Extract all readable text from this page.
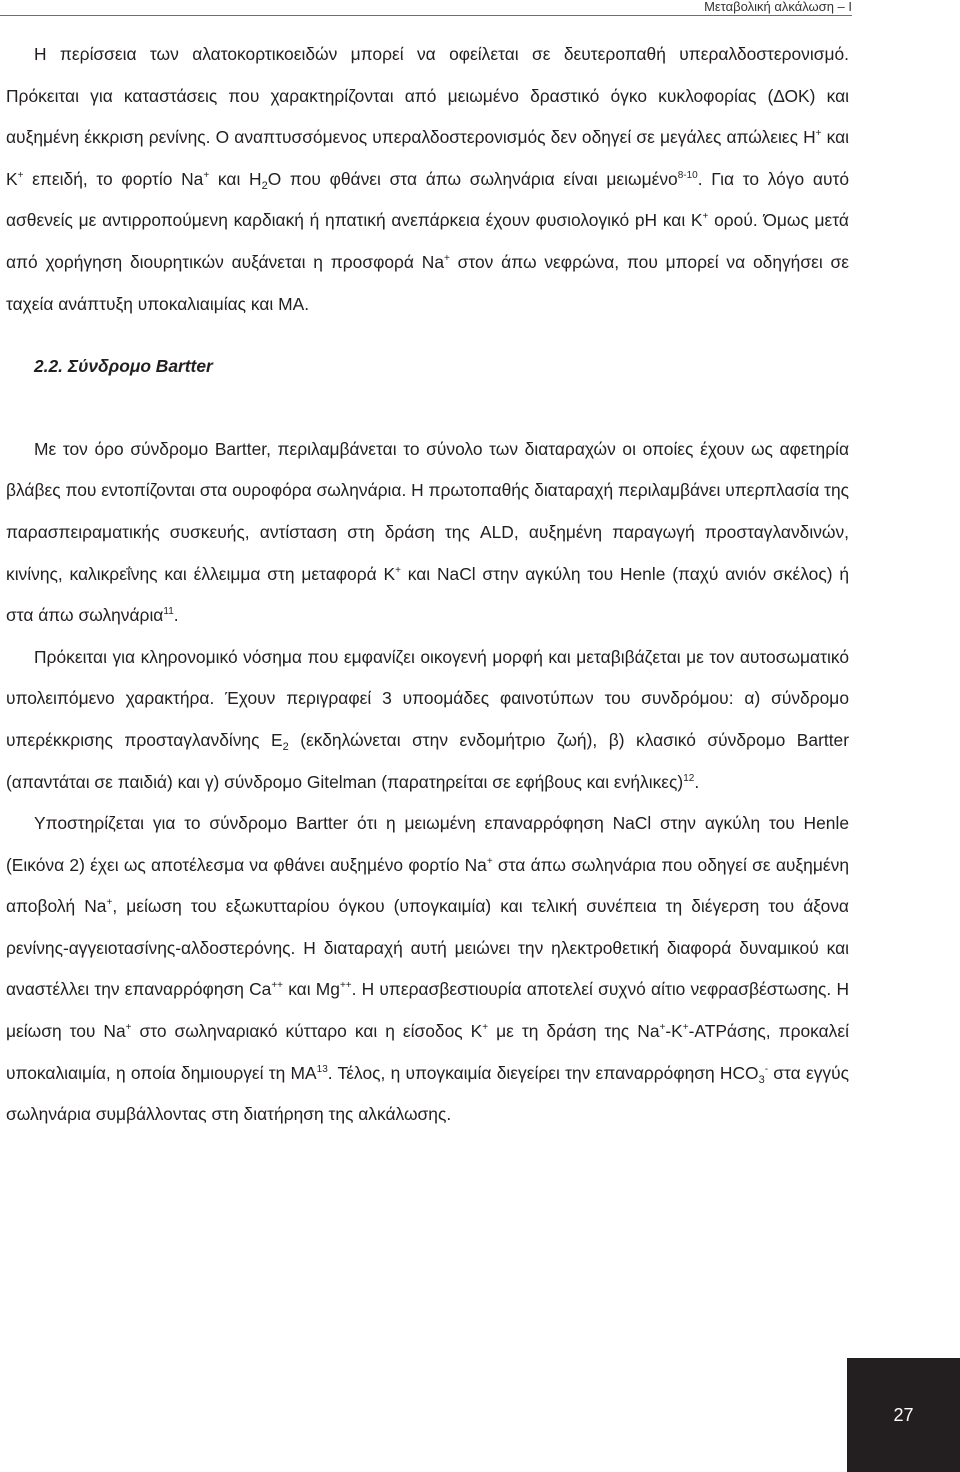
Μεταβολική αλκάλωση – Ι

Η περίσσεια των αλατοκορτικοειδών μπορεί να οφείλεται σε δευτεροπαθή υπεραλδοστερονισμό. Πρόκειται για καταστάσεις που χαρακτηρίζονται από μειωμένο δραστικό όγκο κυκλοφορίας (ΔΟΚ) και αυξημένη έκκριση ρενίνης. Ο αναπτυσσόμενος υπεραλδοστερονισμός δεν οδηγεί σε μεγάλες απώλειες H+ και K+ επειδή, το φορτίο Na+ και $H_2O$ που φθάνει στα άπω σωληνάρια είναι μειωμένο$^{8-10}$. Για το λόγο αυτό ασθενείς με αντιρροπούμενη καρδιακή ή ηπατική ανεπάρκεια έχουν φυσιολογικό pH και K+ ορού. Όμως μετά από χορήγηση διουρητικών αυξάνεται η προσφορά Na+ στον άπω νεφρώνα, που μπορεί να οδηγήσει σε ταχεία ανάπτυξη υποκαλιαιμίας και ΜΑ.

2.2. Σύνδρομο Bartter

Με τον όρο σύνδρομο Bartter, περιλαμβάνεται το σύνολο των διαταραχών οι οποίες έχουν ως αφετηρία βλάβες που εντοπίζονται στα ουροφόρα σωληνάρια. Η πρωτοπαθής διαταραχή περιλαμβάνει υπερπλασία της παρασπειραματικής συσκευής, αντίσταση στη δράση της ALD, αυξημένη παραγωγή προσταγλανδινών, κινίνης, καλικρεΐνης και έλλειμμα στη μεταφορά K+ και NaCl στην αγκύλη του Henle (παχύ ανιόν σκέλος) ή στα άπω σωληνάρια$^{11}$.

Πρόκειται για κληρονομικό νόσημα που εμφανίζει οικογενή μορφή και μεταβιβάζεται με τον αυτοσωματικό υπολειπόμενο χαρακτήρα. Έχουν περιγραφεί 3 υποομάδες φαινοτύπων του συνδρόμου: α) σύνδρομο υπερέκκρισης προσταγλανδίνης $E_2$ (εκδηλώνεται στην ενδομήτριο ζωή), β) κλασικό σύνδρομο Bartter (απαντάται σε παιδιά) και γ) σύνδρομο Gitelman (παρατηρείται σε εφήβους και ενήλικες)$^{12}$.

Υποστηρίζεται για το σύνδρομο Bartter ότι η μειωμένη επαναρρόφηση NaCl στην αγκύλη του Henle (Εικόνα 2) έχει ως αποτέλεσμα να φθάνει αυξημένο φορτίο Na+ στα άπω σωληνάρια που οδηγεί σε αυξημένη αποβολή Na+, μείωση του εξωκυτταρίου όγκου (υπογκαιμία) και τελική συνέπεια τη διέγερση του άξονα ρενίνης-αγγειοτασίνης-αλδοστερόνης. Η διαταραχή αυτή μειώνει την ηλεκτροθετική διαφορά δυναμικού και αναστέλλει την επαναρρόφηση Ca++ και Mg++. Η υπερασβεστιουρία αποτελεί συχνό αίτιο νεφρασβέστωσης. Η μείωση του Na+ στο σωληναριακό κύτταρο και η είσοδος K+ με τη δράση της Na+-K+-ATPάσης, προκαλεί υποκαλιαιμία, η οποία δημιουργεί τη ΜΑ$^{13}$. Τέλος, η υπογκαιμία διεγείρει την επαναρρόφηση $HCO_3^-$ στα εγγύς σωληνάρια συμβάλλοντας στη διατήρηση της αλκάλωσης.

27
